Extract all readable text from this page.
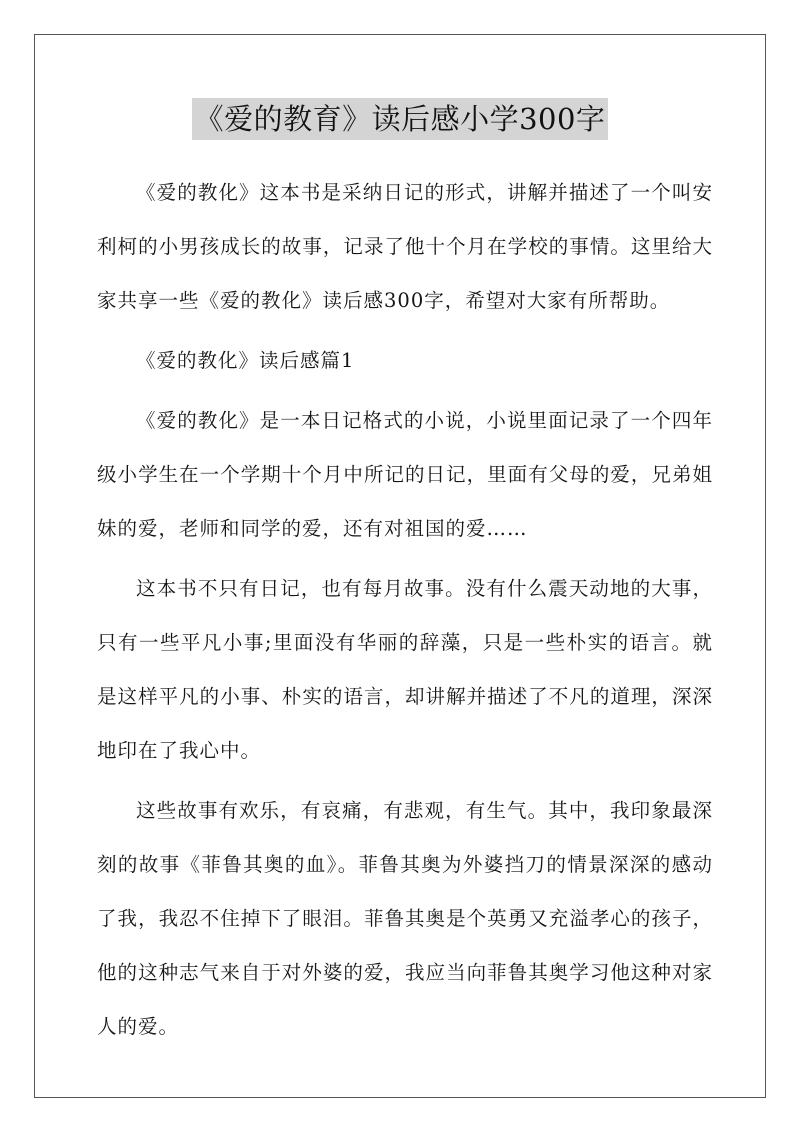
《爱的教育》读后感小学300字

《爱的教化》这本书是采纳日记的形式，讲解并描述了一个叫安利柯的小男孩成长的故事，记录了他十个月在学校的事情。这里给大家共享一些《爱的教化》读后感300字，希望对大家有所帮助。

《爱的教化》读后感篇1

《爱的教化》是一本日记格式的小说，小说里面记录了一个四年级小学生在一个学期十个月中所记的日记，里面有父母的爱，兄弟姐妹的爱，老师和同学的爱，还有对祖国的爱……

这本书不只有日记，也有每月故事。没有什么震天动地的大事，只有一些平凡小事;里面没有华丽的辞藻，只是一些朴实的语言。就是这样平凡的小事、朴实的语言，却讲解并描述了不凡的道理，深深地印在了我心中。

这些故事有欢乐，有哀痛，有悲观，有生气。其中，我印象最深刻的故事《菲鲁其奥的血》。菲鲁其奥为外婆挡刀的情景深深的感动了我，我忍不住掉下了眼泪。菲鲁其奥是个英勇又充溢孝心的孩子，他的这种志气来自于对外婆的爱，我应当向菲鲁其奥学习他这种对家人的爱。
